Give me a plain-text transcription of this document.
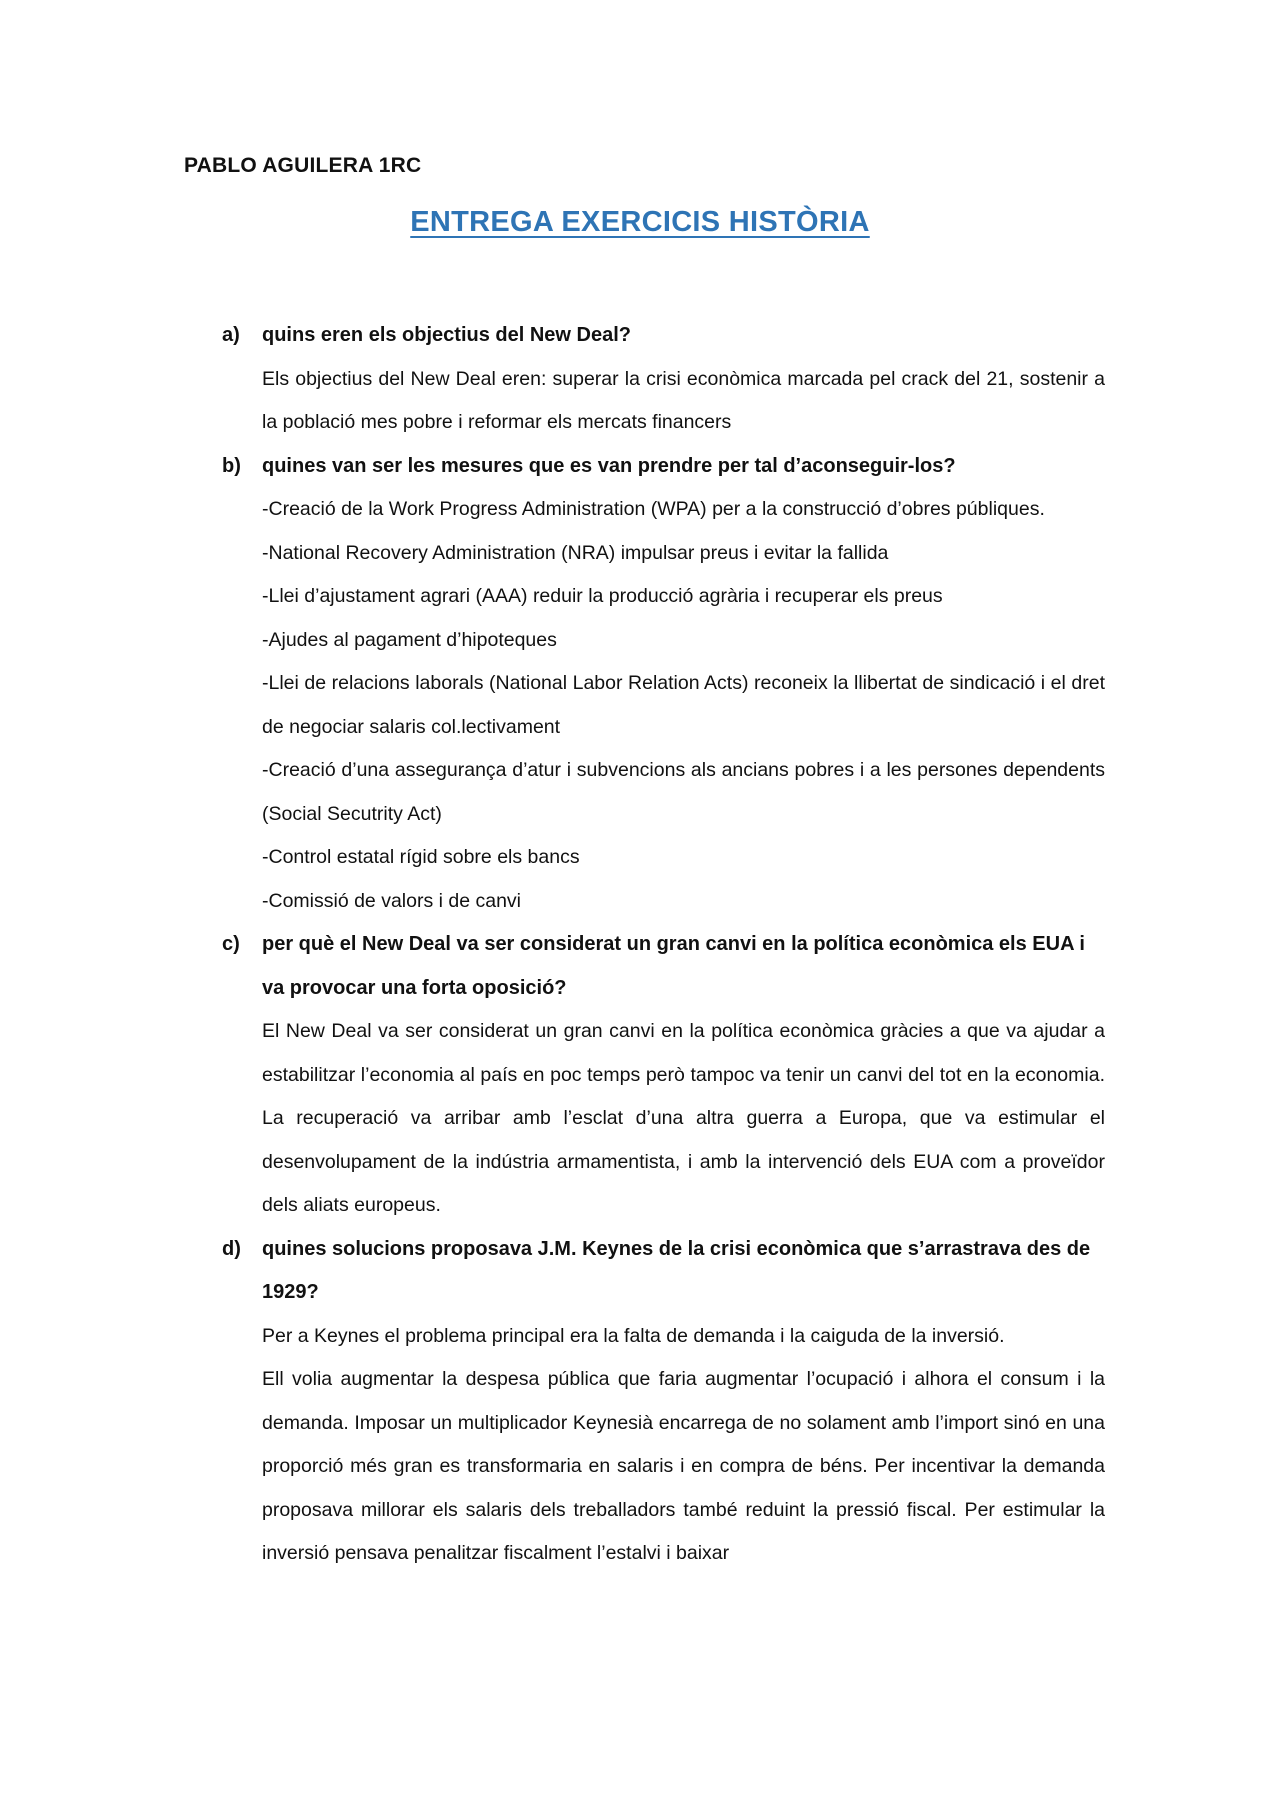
PABLO AGUILERA 1RC
ENTREGA EXERCICIS HISTÒRIA
a)	quins eren els objectius del New Deal?
Els objectius del New Deal eren: superar la crisi econòmica marcada pel crack del 21, sostenir a la població mes pobre i reformar els mercats financers
b)	quines van ser les mesures que es van prendre per tal d’aconseguir-los?
-Creació de la Work Progress Administration (WPA) per a la construcció d’obres públiques.
-National Recovery Administration (NRA) impulsar preus i evitar la fallida
-Llei d’ajustament agrari (AAA) reduir la producció agrària i recuperar els preus
-Ajudes al pagament d’hipoteques
-Llei de relacions laborals (National Labor Relation Acts) reconeix la llibertat de sindicació i el dret de negociar salaris col.lectivament
-Creació d’una assegurança d’atur i subvencions als ancians pobres i a les persones dependents (Social Secutrity Act)
-Control estatal rígid sobre els bancs
-Comissió de valors i de canvi
c)	per què el New Deal va ser considerat un gran canvi en la política econòmica els EUA i va provocar una forta oposició?
El New Deal va ser considerat un gran canvi en la política econòmica gràcies a que va ajudar a estabilitzar l’economia al país en poc temps però tampoc va tenir un canvi del tot en la economia. La recuperació va arribar amb l’esclat d’una altra guerra a Europa, que va estimular el desenvolupament de la indústria armamentista, i amb la intervenció dels EUA com a proveïdor dels aliats europeus.
d)	quines solucions proposava J.M. Keynes de la crisi econòmica que s’arrastrava des de 1929?
Per a Keynes el problema principal era la falta de demanda i la caiguda de la inversió.
Ell volia augmentar la despesa pública que faria augmentar l’ocupació i alhora el consum i la demanda. Imposar un multiplicador Keynesià encarrega de no solament amb l’import sinó en una proporció més gran es transformaria en salaris i en compra de béns. Per incentivar la demanda proposava millorar els salaris dels treballadors també reduint la pressió fiscal. Per estimular la inversió pensava penalitzar fiscalment l’estalvi i baixar
